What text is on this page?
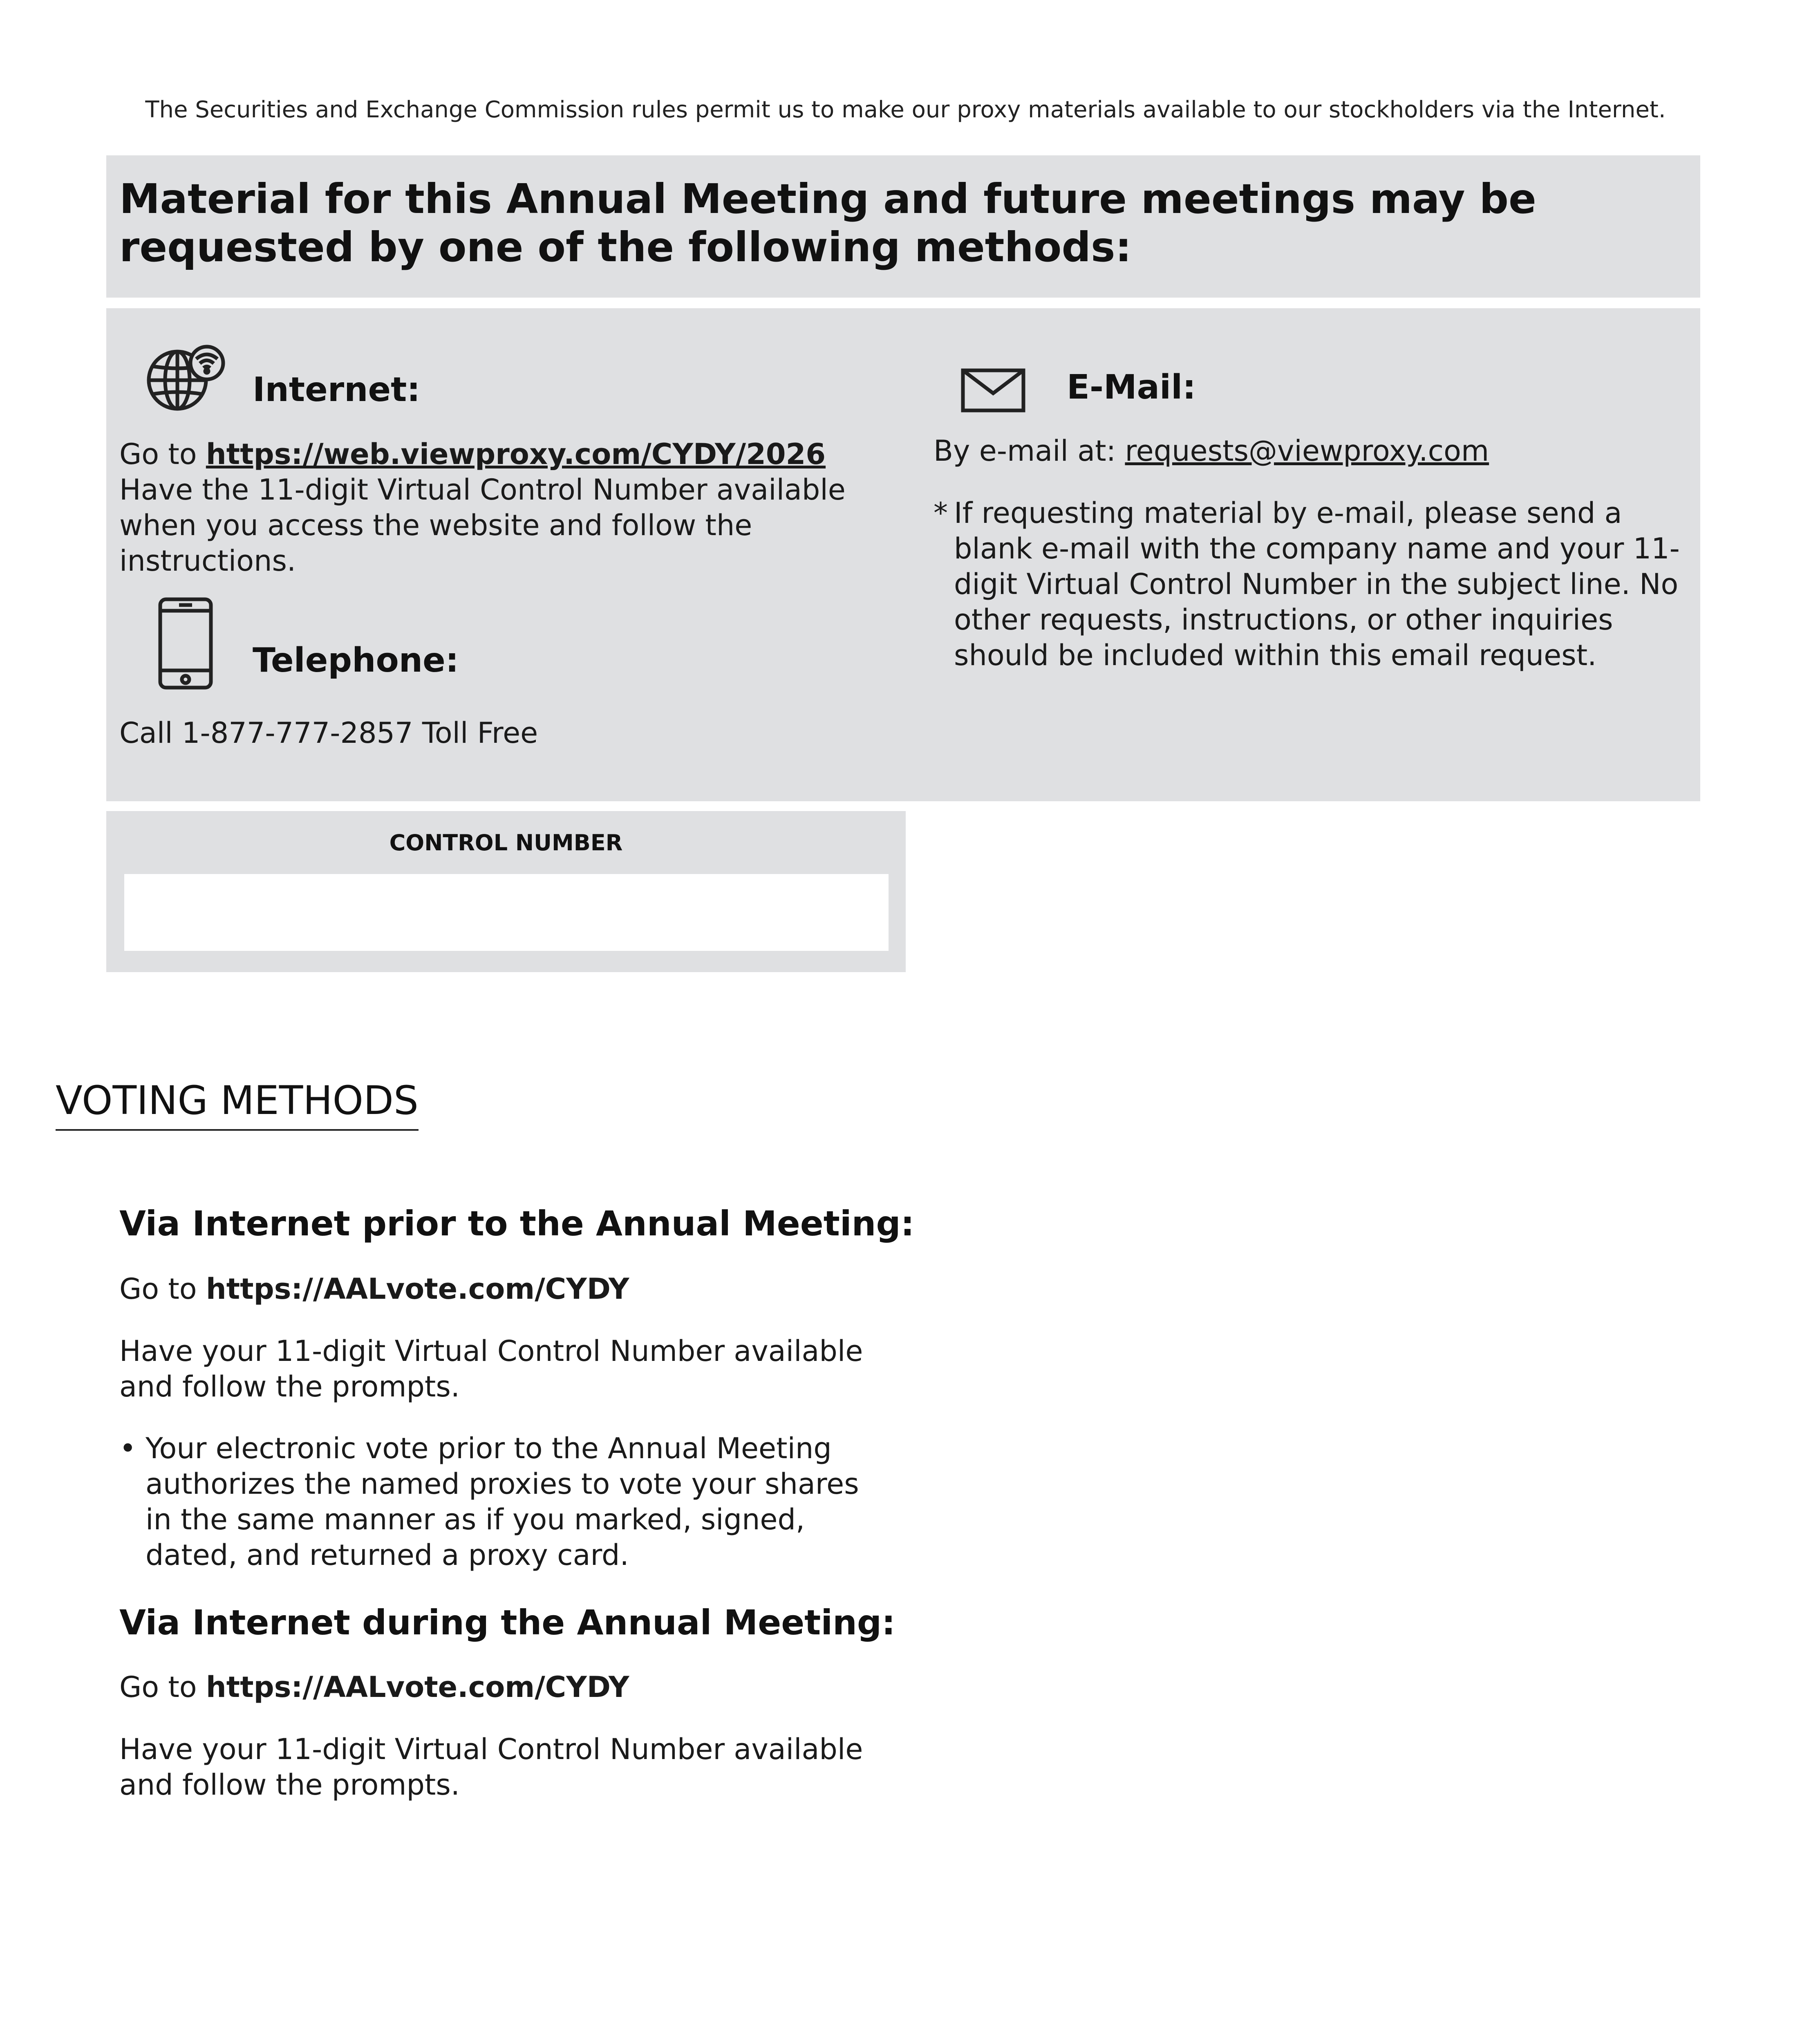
The Securities and Exchange Commission rules permit us to make our proxy materials available to our stockholders via the Internet.
Material for this Annual Meeting and future meetings may be requested by one of the following methods:
Internet:
Go to https://web.viewproxy.com/CYDY/2026
Have the 11-digit Virtual Control Number available when you access the website and follow the instructions.
Telephone:
Call 1-877-777-2857 Toll Free
E-Mail:
By e-mail at: requests@viewproxy.com
* If requesting material by e-mail, please send a blank e-mail with the company name and your 11-digit Virtual Control Number in the subject line. No other requests, instructions, or other inquiries should be included within this email request.
CONTROL NUMBER
VOTING METHODS
Via Internet prior to the Annual Meeting:
Go to https://AALvote.com/CYDY
Have your 11-digit Virtual Control Number available and follow the prompts.
• Your electronic vote prior to the Annual Meeting authorizes the named proxies to vote your shares in the same manner as if you marked, signed, dated, and returned a proxy card.
Via Internet during the Annual Meeting:
Go to https://AALvote.com/CYDY
Have your 11-digit Virtual Control Number available and follow the prompts.
